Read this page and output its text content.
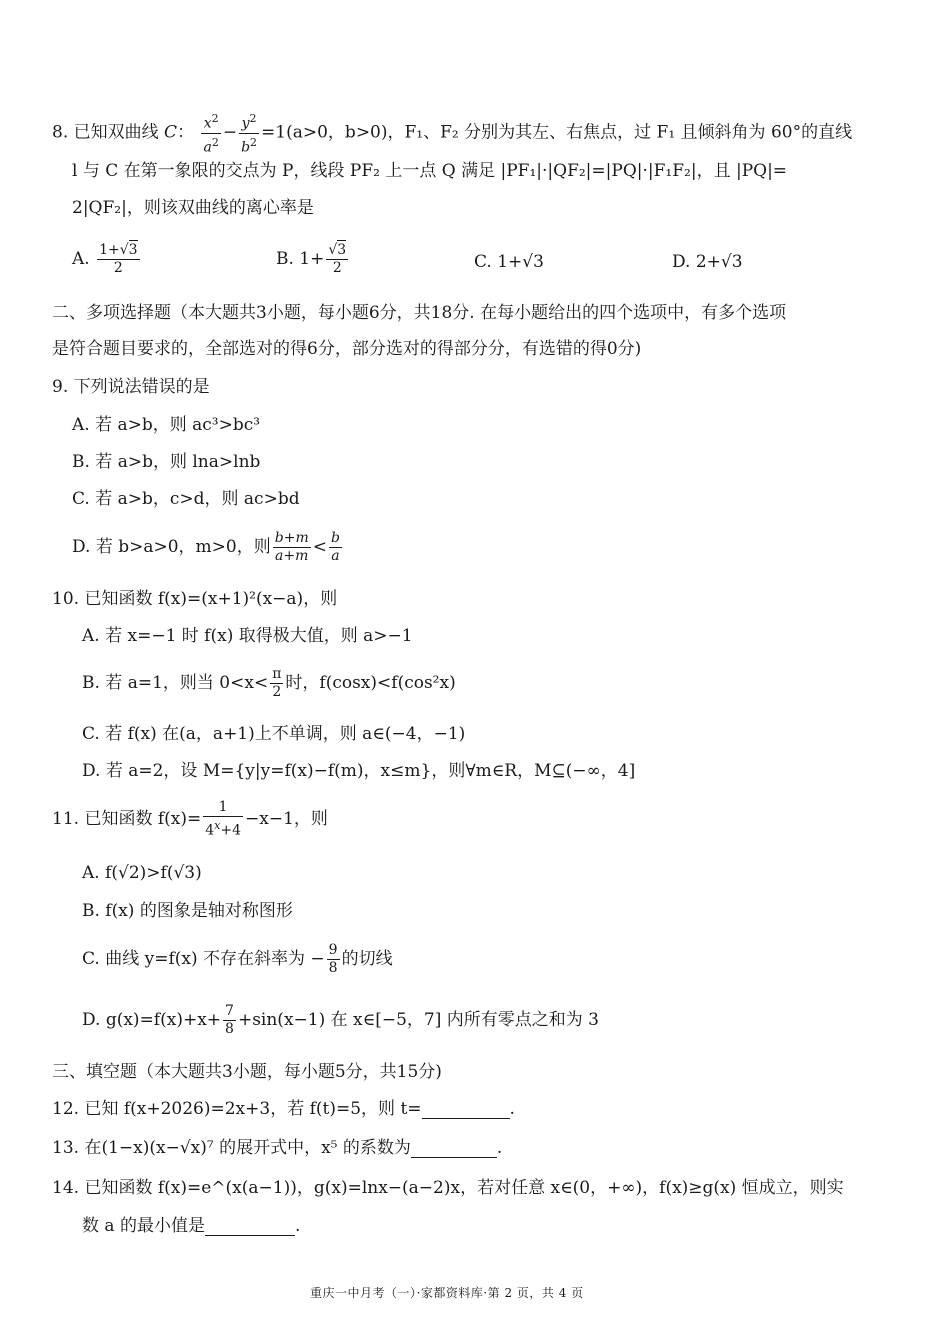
8. 已知双曲线 C： $\frac{x^2}{a^2} - \frac{y^2}{b^2} =1(a>0$，b>0)，F₁、F₂ 分别为其左、右焦点，过 F₁ 且倾斜角为 60°的直线
l 与 C 在第一象限的交点为 P，线段 PF₂ 上一点 Q 满足 |PF₁|·|QF₂|=|PQ|·|F₁F₂|，且 |PQ|=
2|QF₂|，则该双曲线的离心率是
A. $\frac{1+√3}{2}$	B. $1+ \frac{√3}{2}$	C. 1+√3	D. 2+√3
二、多项选择题（本大题共3小题，每小题6分，共18分. 在每小题给出的四个选项中，有多个选项
是符合题目要求的，全部选对的得6分，部分选对的得部分分，有选错的得0分)
9. 下列说法错误的是
A. 若 a>b，则 ac³>bc³
B. 若 a>b，则 lna>lnb
C. 若 a>b，c>d，则 ac>bd
D. 若 b>a>0，m>0，则 $\frac{b+m}{a+m} < \frac{b}{a}$
10. 已知函数 f(x)=(x+1)²(x−a)，则
A. 若 x=−1 时 f(x) 取得极大值，则 a>−1
B. 若 a=1，则当 $0<x< \frac{\pi}{2}$ 时，f(cosx)<f(cos²x)
C. 若 f(x) 在(a，a+1)上不单调，则 a∈(−4，−1)
D. 若 a=2，设 M={y|y=f(x)−f(m)，x≤m}，则∀m∈R，M⊆(−∞，4]
11. 已知函数 $f(x)= \frac{1}{4^x+4} -x-1$，则
A. f(√2)>f(√3)
B. f(x) 的图象是轴对称图形
C. 曲线 y=f(x) 不存在斜率为 − $\frac{9}{8}$ 的切线
D. $g(x)=f(x)+x+ \frac{7}{8} +\sin(x-1)$ 在 x∈[−5，7] 内所有零点之和为 3
三、填空题（本大题共3小题，每小题5分，共15分)
12. 已知 f(x+2026)=2x+3，若 f(t)=5，则 t=	.
13. 在(1−x)(x−√x)⁷ 的展开式中，x⁵ 的系数为	.
14. 已知函数 f(x)=e^(x(a−1))，g(x)=lnx−(a−2)x，若对任意 x∈(0，+∞)，f(x)≥g(x) 恒成立，则实
数 a 的最小值是	.
重庆一中月考（一）·家都资料库·第 2 页，共 4 页
